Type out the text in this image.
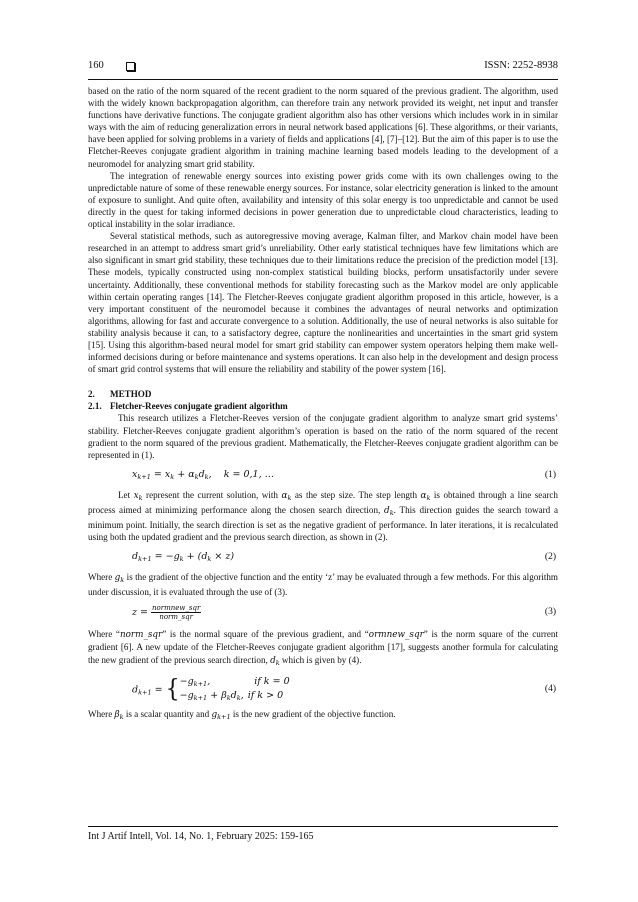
160	ISSN: 2252-8938

based on the ratio of the norm squared of the recent gradient to the norm squared of the previous gradient. The algorithm, used with the widely known backpropagation algorithm, can therefore train any network provided its weight, net input and transfer functions have derivative functions. The conjugate gradient algorithm also has other versions which includes work in in similar ways with the aim of reducing generalization errors in neural network based applications [6]. These algorithms, or their variants, have been applied for solving problems in a variety of fields and applications [4], [7]–[12]. But the aim of this paper is to use the Fletcher-Reeves conjugate gradient algorithm in training machine learning based models leading to the development of a neuromodel for analyzing smart grid stability.

The integration of renewable energy sources into existing power grids come with its own challenges owing to the unpredictable nature of some of these renewable energy sources. For instance, solar electricity generation is linked to the amount of exposure to sunlight. And quite often, availability and intensity of this solar energy is too unpredictable and cannot be used directly in the quest for taking informed decisions in power generation due to unpredictable cloud characteristics, leading to optical instability in the solar irradiance.

Several statistical methods, such as autoregressive moving average, Kalman filter, and Markov chain model have been researched in an attempt to address smart grid’s unreliability. Other early statistical techniques have few limitations which are also significant in smart grid stability, these techniques due to their limitations reduce the precision of the prediction model [13]. These models, typically constructed using non-complex statistical building blocks, perform unsatisfactorily under severe uncertainty. Additionally, these conventional methods for stability forecasting such as the Markov model are only applicable within certain operating ranges [14]. The Fletcher-Reeves conjugate gradient algorithm proposed in this article, however, is a very important constituent of the neuromodel because it combines the advantages of neural networks and optimization algorithms, allowing for fast and accurate convergence to a solution. Additionally, the use of neural networks is also suitable for stability analysis because it can, to a satisfactory degree, capture the nonlinearities and uncertainties in the smart grid system [15]. Using this algorithm-based neural model for smart grid stability can empower system operators helping them make well-informed decisions during or before maintenance and systems operations. It can also help in the development and design process of smart grid control systems that will ensure the reliability and stability of the power system [16].

2. METHOD
2.1. Fletcher-Reeves conjugate gradient algorithm

This research utilizes a Fletcher-Reeves version of the conjugate gradient algorithm to analyze smart grid systems’ stability. Fletcher-Reeves conjugate gradient algorithm’s operation is based on the ratio of the norm squared of the recent gradient to the norm squared of the previous gradient. Mathematically, the Fletcher-Reeves conjugate gradient algorithm can be represented in (1).

$x_{k+1} = x_k + \alpha_kd_k$,    k = 0,1, …	(1)

Let $x_k$ represent the current solution, with $\alpha_k$ as the step size. The step length $\alpha_k$ is obtained through a line search process aimed at minimizing performance along the chosen search direction, $d_k$. This direction guides the search toward a minimum point. Initially, the search direction is set as the negative gradient of performance. In later iterations, it is recalculated using both the updated gradient and the previous search direction, as shown in (2).

$d_{k+1} = -g_k + (d_k \times z)$	(2)

Where $g_k$ is the gradient of the objective function and the entity ‘z’ may be evaluated through a few methods. For this algorithm under discussion, it is evaluated through the use of (3).

$z = \frac{\text{normnew\_sqr}}{\text{norm\_sqr}}$	(3)

Where “norm_sqr” is the normal square of the previous gradient, and “ormnew_sqr” is the norm square of the current gradient [6]. A new update of the Fletcher-Reeves conjugate gradient algorithm [17], suggests another formula for calculating the new gradient of the previous search direction, $d_k$ which is given by (4).

$d_{k+1} = \{-g_{k+1}$,	if k = 0
$-g_{k+1} + \beta_kd_k$, if k > 0
(4)

Where $\beta_k$ is a scalar quantity and $g_{k+1}$ is the new gradient of the objective function.

Int J Artif Intell, Vol. 14, No. 1, February 2025: 159-165
